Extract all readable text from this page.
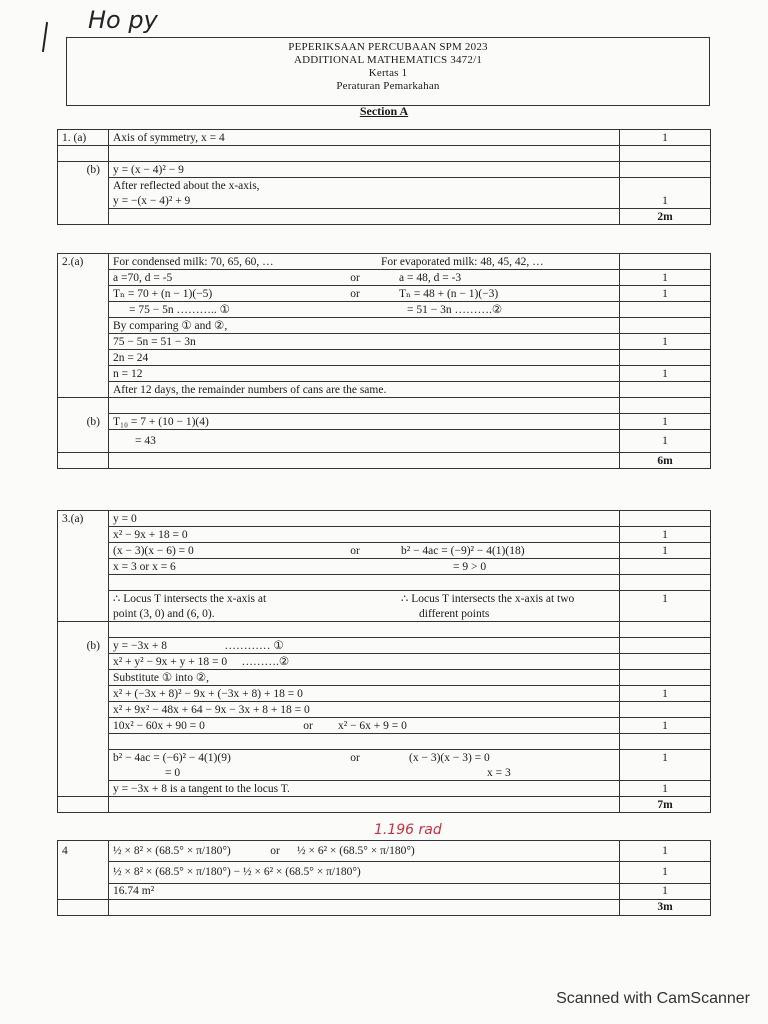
Ho py
PEPERIKSAAN PERCUBAAN SPM 2023
ADDITIONAL MATHEMATICS 3472/1
Kertas 1
Peraturan Pemarkahan
Section A
1. (a)	Axis of symmetry, x = 4	1

(b)	y = (x − 4)² − 9	
	After reflected about the x-axis,	
	y = −(x − 4)² + 9	1
		2m
2.(a)	For condensed milk: 70, 65, 60, … For evaporated milk: 48, 45, 42, …	
	a =70, d = -5 or a = 48, d = -3	1
	Tₙ = 70 + (n − 1)(−5) or Tₙ = 48 + (n − 1)(−3)	1
	= 75 − 5n ……….. ① = 51 − 3n ……….②	
	By comparing ① and ②,	
	75 − 5n = 51 − 3n	1
	2n = 24	
	n = 12	1
	After 12 days, the remainder numbers of cans are the same.	

(b)	T₁₀ = 7 + (10 − 1)(4)	1
	= 43	1
		6m
3.(a)	y = 0	
	x² − 9x + 18 = 0	1
	(x − 3)(x − 6) = 0 or b² − 4ac = (−9)² − 4(1)(18)	1
	x = 3 or x = 6 = 9 > 0	

	∴ Locus T intersects the x-axis at ∴ Locus T intersects the x-axis at two	1
	point (3, 0) and (6, 0). different points	

(b)	y = −3x + 8                    ………… ①	
	x² + y² − 9x + y + 18 = 0     ……….②	
	Substitute ① into ②,	
	x² + (−3x + 8)² − 9x + (−3x + 8) + 18 = 0	1
	x² + 9x² − 48x + 64 − 9x − 3x + 8 + 18 = 0	
	10x² − 60x + 90 = 0 or x² − 6x + 9 = 0	1

	b² − 4ac = (−6)² − 4(1)(9) or (x − 3)(x − 3) = 0	1
	= 0 x = 3	
	y = −3x + 8 is a tangent to the locus T.	1
		7m
1.196 rad
4	½ × 8² × (68.5° × π/180°) or ½ × 6² × (68.5° × π/180°)	1
	½ × 8² × (68.5° × π/180°) − ½ × 6² × (68.5° × π/180°)	1
	16.74 m²	1
		3m
Scanned with CamScanner
